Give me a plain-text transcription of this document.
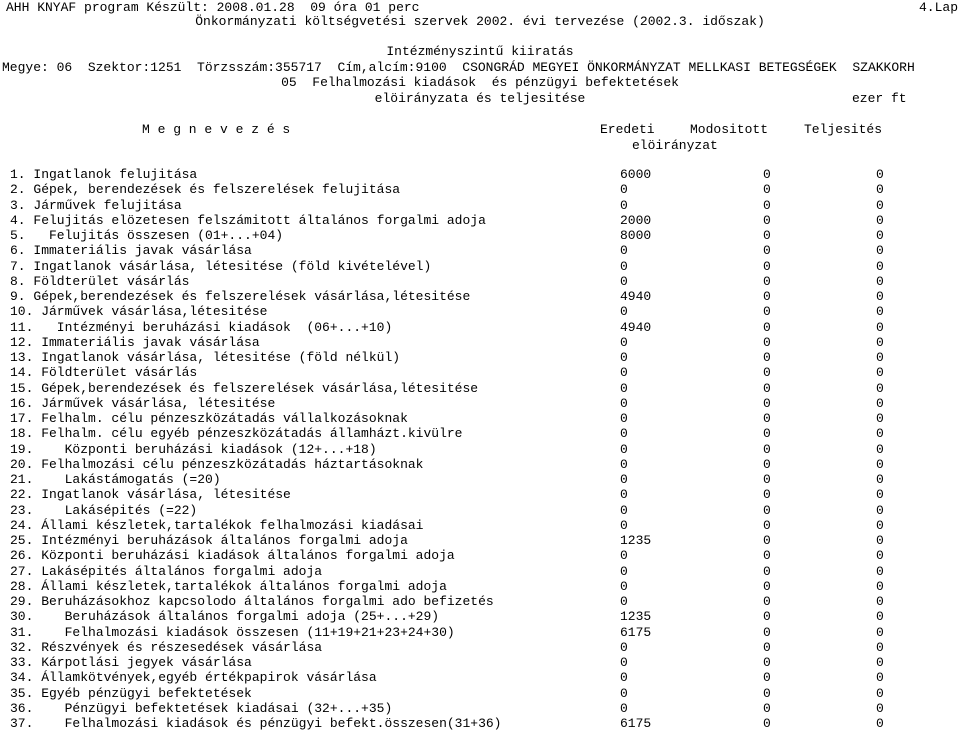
AHH KNYAF program Készült: 2008.01.28  09 óra 01 perc	4.Lap
Önkormányzati költségvetési szervek 2002. évi tervezése (2002.3. időszak)
Intézményszintű kiiratás
Megye: 06  Szektor:1251  Törzsszám:355717  Cím,alcím:9100  CSONGRÁD MEGYEI ÖNKORMÁNYZAT MELLKASI BETEGSÉGEK  SZAKKORH
05  Felhalmozási kiadások  és pénzügyi befektetések
elöirányzata és teljesitése	ezer ft
M e g n e v e z é s	Eredeti	Modositott	Teljesités
elöirányzat
1. Ingatlanok felujitása	6000	0	0
2. Gépek, berendezések és felszerelések felujitása	0	0	0
3. Járművek felujitása	0	0	0
4. Felujitás elözetesen felszámitott általános forgalmi adoja	2000	0	0
5.   Felujitás összesen (01+...+04)	8000	0	0
6. Immateriális javak vásárlása	0	0	0
7. Ingatlanok vásárlása, létesitése (föld kivételével)	0	0	0
8. Földterület vásárlás	0	0	0
9. Gépek,berendezések és felszerelések vásárlása,létesitése	4940	0	0
10. Járművek vásárlása,létesitése	0	0	0
11.   Intézményi beruházási kiadások  (06+...+10)	4940	0	0
12. Immateriális javak vásárlása	0	0	0
13. Ingatlanok vásárlása, létesitése (föld nélkül)	0	0	0
14. Földterület vásárlás	0	0	0
15. Gépek,berendezések és felszerelések vásárlása,létesitése	0	0	0
16. Járművek vásárlása, létesitése	0	0	0
17. Felhalm. célu pénzeszközátadás vállalkozásoknak	0	0	0
18. Felhalm. célu egyéb pénzeszközátadás államházt.kivülre	0	0	0
19.    Központi beruházási kiadások (12+...+18)	0	0	0
20. Felhalmozási célu pénzeszközátadás háztartásoknak	0	0	0
21.    Lakástámogatás (=20)	0	0	0
22. Ingatlanok vásárlása, létesitése	0	0	0
23.    Lakásépités (=22)	0	0	0
24. Állami készletek,tartalékok felhalmozási kiadásai	0	0	0
25. Intézményi beruházások általános forgalmi adoja	1235	0	0
26. Központi beruházási kiadások általános forgalmi adoja	0	0	0
27. Lakásépités általános forgalmi adoja	0	0	0
28. Állami készletek,tartalékok általános forgalmi adoja	0	0	0
29. Beruházásokhoz kapcsolodo általános forgalmi ado befizetés	0	0	0
30.    Beruházások általános forgalmi adoja (25+...+29)	1235	0	0
31.    Felhalmozási kiadások összesen (11+19+21+23+24+30)	6175	0	0
32. Részvények és részesedések vásárlása	0	0	0
33. Kárpotlási jegyek vásárlása	0	0	0
34. Államkötvények,egyéb értékpapirok vásárlása	0	0	0
35. Egyéb pénzügyi befektetések	0	0	0
36.    Pénzügyi befektetések kiadásai (32+...+35)	0	0	0
37.    Felhalmozási kiadások és pénzügyi befekt.összesen(31+36)	6175	0	0
